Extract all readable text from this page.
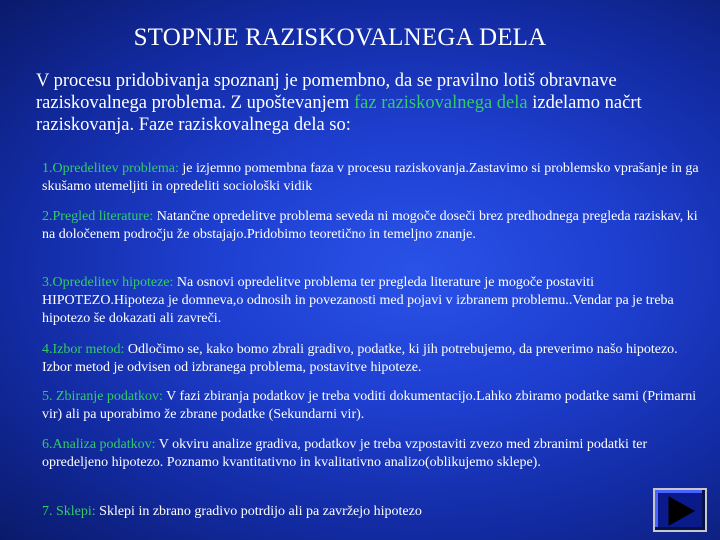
STOPNJE RAZISKOVALNEGA DELA
V procesu pridobivanja spoznanj je pomembno, da se pravilno lotiš obravnave raziskovalnega problema. Z upoštevanjem faz raziskovalnega dela izdelamo načrt raziskovanja. Faze raziskovalnega dela so:
1.Opredelitev problema: je izjemno pomembna faza v procesu raziskovanja.Zastavimo si problemsko vprašanje in ga skušamo utemeljiti in opredeliti sociološki vidik
2.Pregled literature: Natančne opredelitve problema seveda ni mogoče doseči brez predhodnega pregleda raziskav, ki na določenem področju že obstajajo.Pridobimo teoretično in temeljno znanje.
3.Opredelitev hipoteze: Na osnovi opredelitve problema ter pregleda literature je mogoče postaviti HIPOTEZO.Hipoteza je domneva,o odnosih in povezanosti med pojavi v izbranem problemu..Vendar pa je treba hipotezo še dokazati ali zavreči.
4.Izbor metod: Odločimo se, kako bomo zbrali gradivo, podatke, ki jih potrebujemo, da preverimo našo hipotezo. Izbor metod je odvisen od izbranega problema, postavitve hipoteze.
5. Zbiranje podatkov: V fazi zbiranja podatkov je treba voditi dokumentacijo.Lahko zbiramo podatke sami (Primarni vir) ali pa uporabimo že zbrane podatke (Sekundarni vir).
6.Analiza podatkov: V okviru analize gradiva, podatkov je treba vzpostaviti zvezo med zbranimi podatki ter opredeljeno hipotezo. Poznamo kvantitativno in kvalitativno analizo(oblikujemo sklepe).
7. Sklepi: Sklepi in zbrano gradivo potrdijo ali pa zavržejo hipotezo
